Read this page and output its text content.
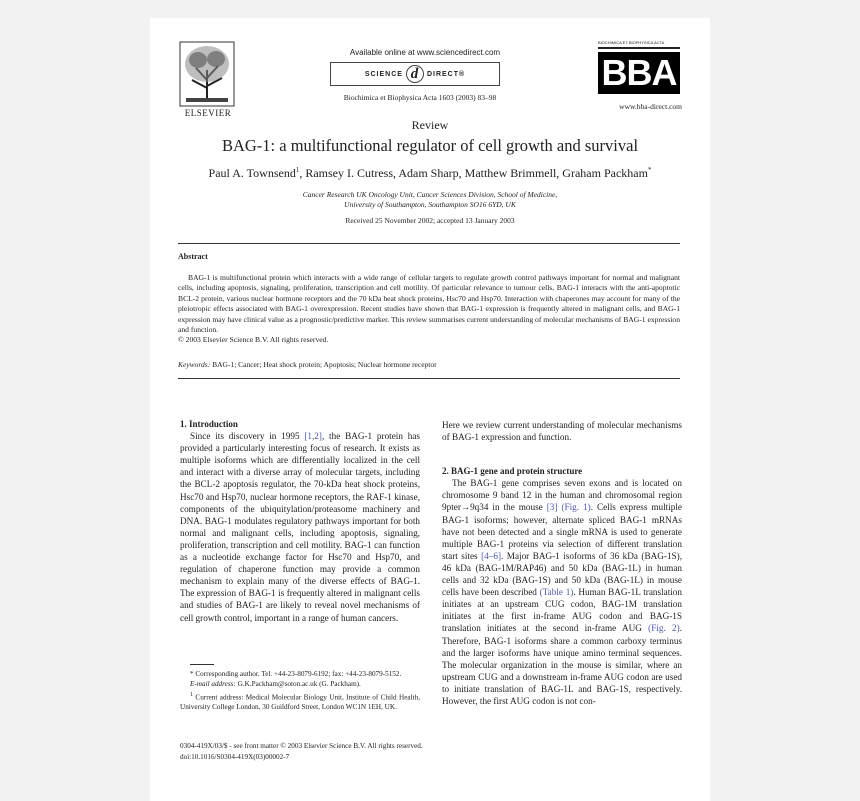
ELSEVIER
Available online at www.sciencedirect.com
SCIENCE d	DIRECT®
Biochimica et Biophysica Acta 1603 (2003) 83–98
BIOCHIMICA ET BIOPHYSICA ACTA
BBA
www.bba-direct.com
Review
BAG-1: a multifunctional regulator of cell growth and survival
Paul A. Townsend$^1$, Ramsey I. Cutress, Adam Sharp, Matthew Brimmell, Graham Packham*
Cancer Research UK Oncology Unit, Cancer Sciences Division, School of Medicine,
University of Southampton, Southampton SO16 6YD, UK
Received 25 November 2002; accepted 13 January 2003
Abstract
BAG-1 is multifunctional protein which interacts with a wide range of cellular targets to regulate growth control pathways important for normal and malignant cells, including apoptosis, signaling, proliferation, transcription and cell motility. Of particular relevance to tumour cells, BAG-1 interacts with the anti-apoptotic BCL-2 protein, various nuclear hormone receptors and the 70 kDa heat shock proteins, Hsc70 and Hsp70. Interaction with chaperones may account for many of the pleiotropic effects associated with BAG-1 overexpression. Recent studies have shown that BAG-1 expression is frequently altered in malignant cells, and BAG-1 expression may have clinical value as a prognostic/predictive marker. This review summarises current understanding of molecular mechanisms of BAG-1 expression and function.
© 2003 Elsevier Science B.V. All rights reserved.
Keywords: BAG-1; Cancer; Heat shock protein; Apoptosis; Nuclear hormone receptor

1. Introduction

Since its discovery in 1995 [1,2], the BAG-1 protein has provided a particularly interesting focus of research. It exists as multiple isoforms which are differentially localized in the cell and interact with a diverse array of molecular targets, including the BCL-2 apoptosis regulator, the 70-kDa heat shock proteins, Hsc70 and Hsp70, nuclear hormone receptors, the RAF-1 kinase, components of the ubiquitylation/proteasome machinery and DNA. BAG-1 modulates regulatory pathways important for both normal and malignant cells, including apoptosis, signaling, proliferation, transcription and cell motility. BAG-1 can function as a nucleotide exchange factor for Hsc70 and Hsp70, and regulation of chaperone function may provide a common mechanism to explain many of the diverse effects of BAG-1. The expression of BAG-1 is frequently altered in malignant cells and studies of BAG-1 are likely to reveal novel mechanisms of cell growth control, important in a range of human cancers.

* Corresponding author. Tel. +44-23-8079-6192; fax: +44-23-8079-5152.

E-mail address: G.K.Packham@soton.ac.uk (G. Packham).

$^1$ Current address: Medical Molecular Biology Unit, Institute of Child Health, University College London, 30 Guildford Street, London WC1N 1EH, UK.

0304-419X/03/$ - see front matter © 2003 Elsevier Science B.V. All rights reserved.
doi:10.1016/S0304-419X(03)00002-7

Here we review current understanding of molecular mechanisms of BAG-1 expression and function.

2. BAG-1 gene and protein structure

The BAG-1 gene comprises seven exons and is located on chromosome 9 band 12 in the human and chromosomal region 9pter→9q34 in the mouse [3] (Fig. 1). Cells express multiple BAG-1 isoforms; however, alternate spliced BAG-1 mRNAs have not been detected and a single mRNA is used to generate multiple BAG-1 proteins via selection of different translation start sites [4–6]. Major BAG-1 isoforms of 36 kDa (BAG-1S), 46 kDa (BAG-1M/RAP46) and 50 kDa (BAG-1L) in human cells and 32 kDa (BAG-1S) and 50 kDa (BAG-1L) in mouse cells have been described (Table 1). Human BAG-1L translation initiates at an upstream CUG codon, BAG-1M translation initiates at the first in-frame AUG codon and BAG-1S translation initiates at the second in-frame AUG (Fig. 2). Therefore, BAG-1 isoforms share a common carboxy terminus and the larger isoforms have unique amino terminal sequences. The molecular organization in the mouse is similar, where an upstream CUG and a downstream in-frame AUG codon are used to initiate translation of BAG-1L and BAG-1S, respectively. However, the first AUG codon is not con-
